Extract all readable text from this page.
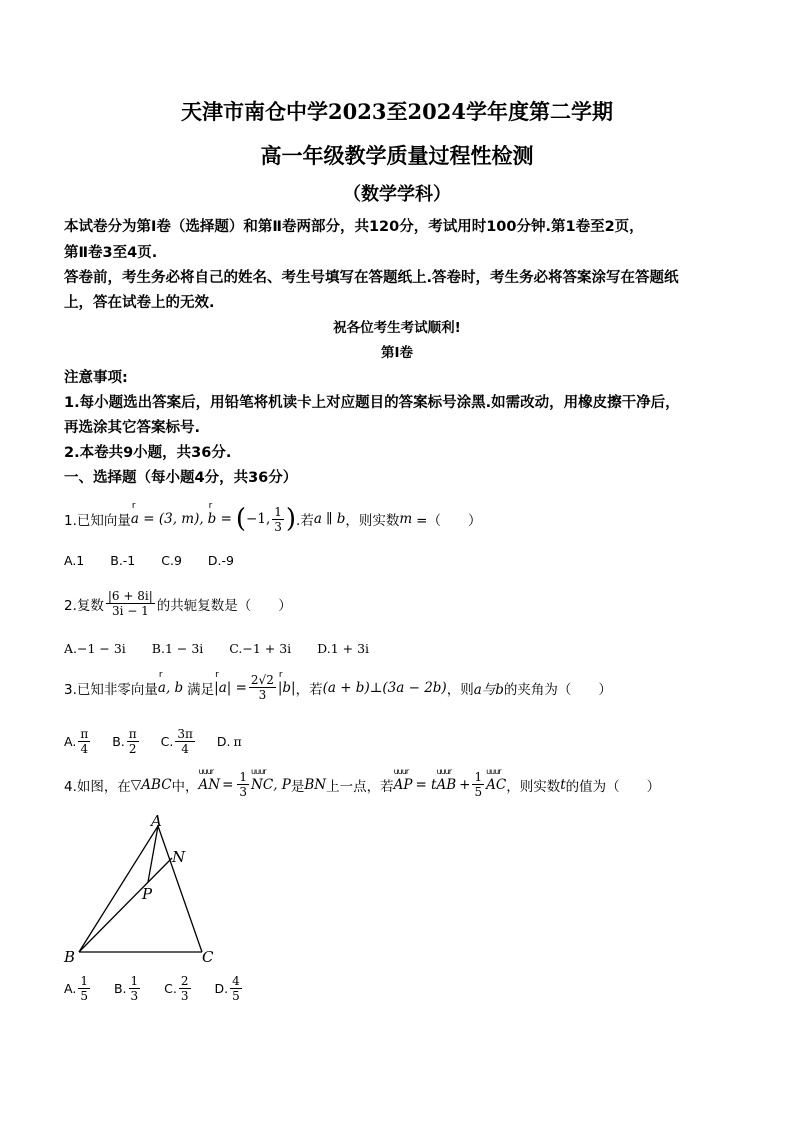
天津市南仓中学2023至2024学年度第二学期
高一年级教学质量过程性检测
（数学学科）
本试卷分为第Ⅰ卷（选择题）和第Ⅱ卷两部分，共120分，考试用时100分钟.第1卷至2页，
第Ⅱ卷3至4页.
答卷前，考生务必将自己的姓名、考生号填写在答题纸上.答卷时，考生务必将答案涂写在答题纸
上，答在试卷上的无效.
祝各位考生考试顺利!
第Ⅰ卷
注意事项:
1.每小题选出答案后，用铅笔将机读卡上对应题目的答案标号涂黑.如需改动，用橡皮擦干净后，
再选涂其它答案标号.
2.本卷共9小题，共36分.
一、选择题（每小题4分，共36分）
1.已知向量 r a = (3, m), r b = ( −1, $\frac{1}{3}$ ) .若 a ∥ b ，则实数 m =（　　）
A.1 B.-1 C.9 D.-9
2.复数 $\frac{|6 + 8i|}{3i - 1}$ 的共轭复数是（　　）
A.−1 − 3i B.1 − 3i C.−1 + 3i D.1 + 3i
3.已知非零向量 r a, b 满足 r $|a| = \frac{2√2}{3}$ r |b| ，若 (a + b)⊥(3a − 2b) ，则 a与b 的夹角为（　　）
A. $\frac{\pi}{4} B$. $\frac{\pi}{2} C$. $\frac{3\pi}{4} D$. π
4.如图，在 ▽ABC 中， uuur AN = $\frac{1}{3}$ uuur NC , P 是 BN 上一点，若 uuur AP = t uuur AB + $\frac{1}{5}$ uuur AC ，则实数 t 的值为（　　）
A
N
P
B	C
A. $\frac{1}{5} B$. $\frac{1}{3} C$. $\frac{2}{3} D$. $\frac{4}{5}$
